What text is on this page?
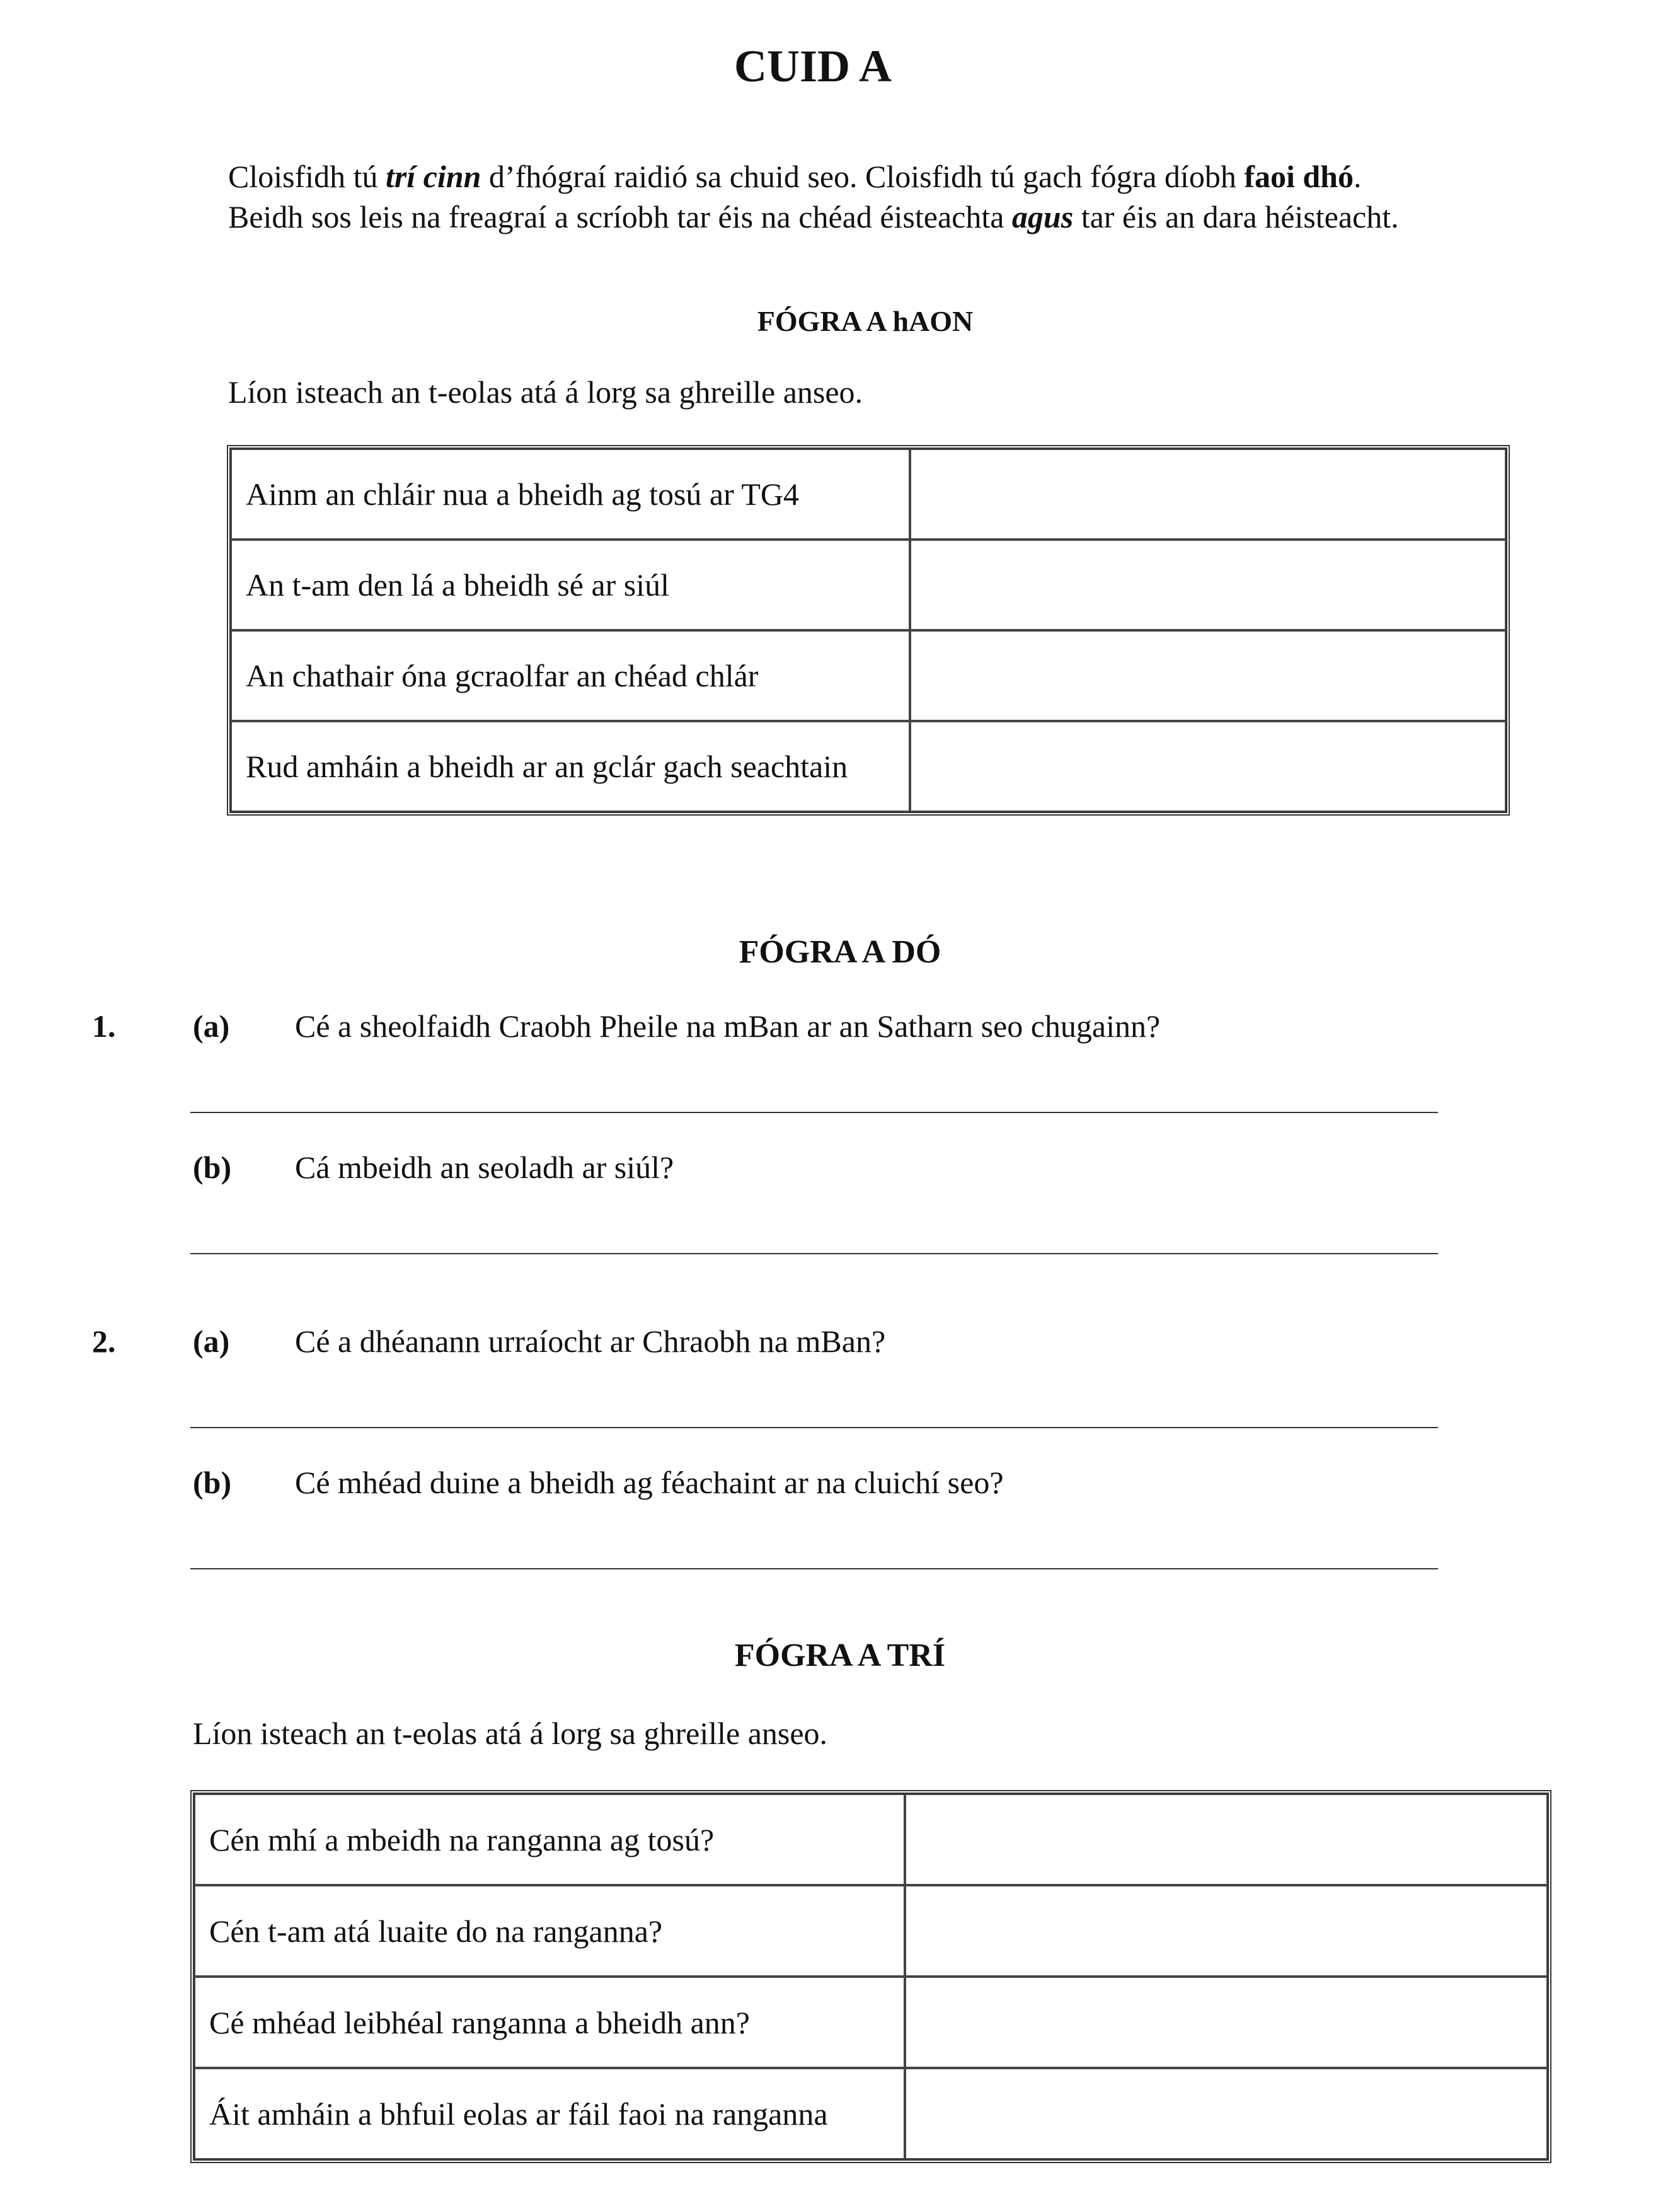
CUID A

Cloisfidh tú trí cinn d’fhógraí raidió sa chuid seo. Cloisfidh tú gach fógra díobh faoi dhó.

Beidh sos leis na freagraí a scríobh tar éis na chéad éisteachta agus tar éis an dara héisteacht.

FÓGRA A hAON

Líon isteach an t-eolas atá á lorg sa ghreille anseo.

Ainm an chláir nua a bheidh ag tosú ar TG4	
An t-am den lá a bheidh sé ar siúl	
An chathair óna gcraolfar an chéad chlár	
Rud amháin a bheidh ar an gclár gach seachtain	
FÓGRA A DÓ
1. (a) Cé a sheolfaidh Craobh Pheile na mBan ar an Satharn seo chugainn?
(b) Cá mbeidh an seoladh ar siúl?
2. (a) Cé a dhéanann urraíocht ar Chraobh na mBan?
(b) Cé mhéad duine a bheidh ag féachaint ar na cluichí seo?
FÓGRA A TRÍ

Líon isteach an t-eolas atá á lorg sa ghreille anseo.

Cén mhí a mbeidh na ranganna ag tosú?	
Cén t-am atá luaite do na ranganna?	
Cé mhéad leibhéal ranganna a bheidh ann?	
Áit amháin a bhfuil eolas ar fáil faoi na ranganna	
